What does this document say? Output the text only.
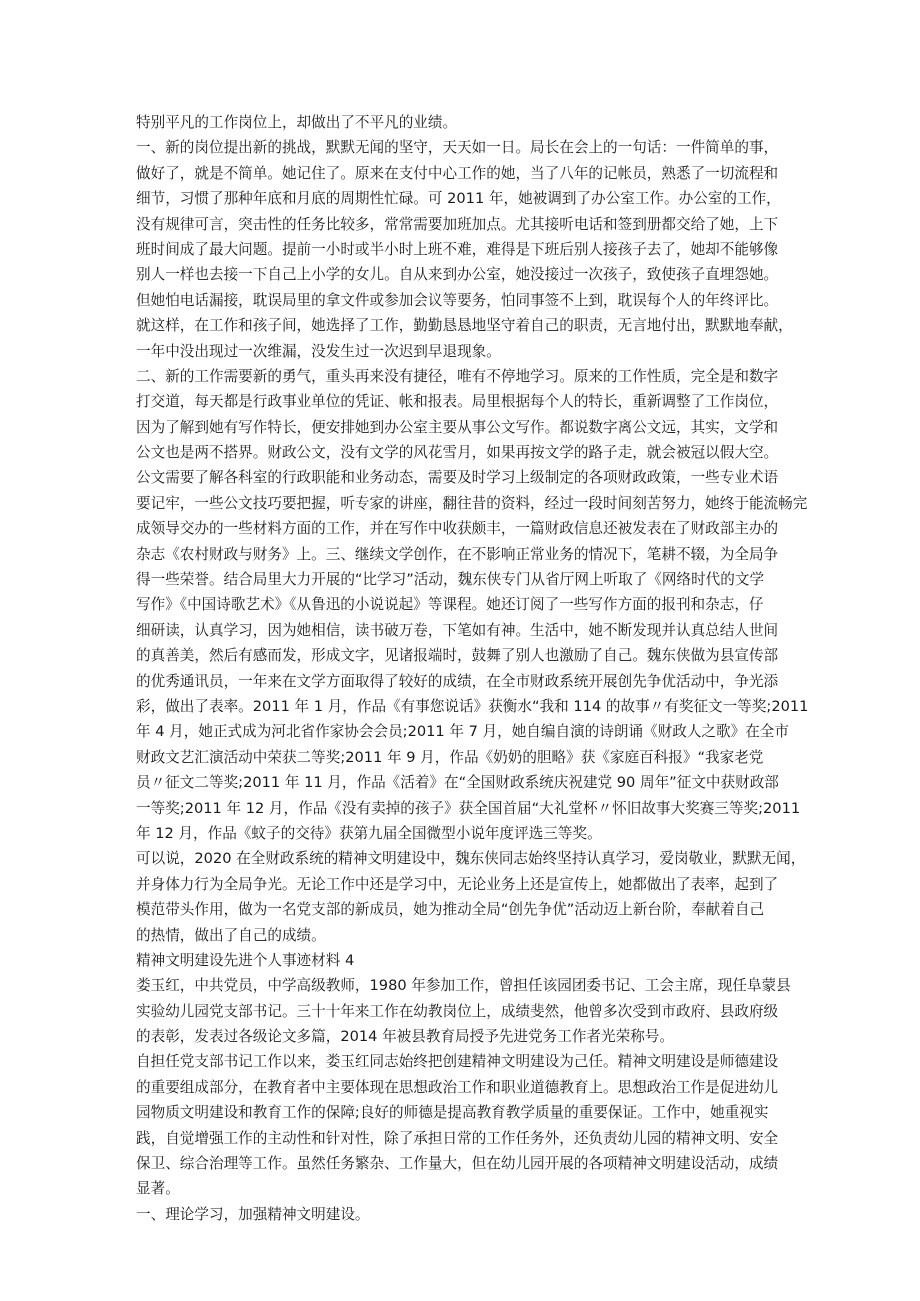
特别平凡的工作岗位上，却做出了不平凡的业绩。
一、新的岗位提出新的挑战，默默无闻的坚守，天天如一日。局长在会上的一句话：一件简单的事，
做好了，就是不简单。她记住了。原来在支付中心工作的她，当了八年的记帐员，熟悉了一切流程和
细节，习惯了那种年底和月底的周期性忙碌。可 2011 年，她被调到了办公室工作。办公室的工作，
没有规律可言，突击性的任务比较多，常常需要加班加点。尤其接听电话和签到册都交给了她，上下
班时间成了最大问题。提前一小时或半小时上班不难，难得是下班后别人接孩子去了，她却不能够像
别人一样也去接一下自己上小学的女儿。自从来到办公室，她没接过一次孩子，致使孩子直埋怨她。
但她怕电话漏接，耽误局里的拿文件或参加会议等要务，怕同事签不上到，耽误每个人的年终评比。
就这样，在工作和孩子间，她选择了工作，勤勤恳恳地坚守着自己的职责，无言地付出，默默地奉献，
一年中没出现过一次维漏，没发生过一次迟到早退现象。
二、新的工作需要新的勇气，重头再来没有捷径，唯有不停地学习。原来的工作性质，完全是和数字
打交道，每天都是行政事业单位的凭证、帐和报表。局里根据每个人的特长，重新调整了工作岗位，
因为了解到她有写作特长，便安排她到办公室主要从事公文写作。都说数字离公文远，其实，文学和
公文也是两不搭界。财政公文，没有文学的风花雪月，如果再按文学的路子走，就会被冠以假大空。
公文需要了解各科室的行政职能和业务动态，需要及时学习上级制定的各项财政政策，一些专业术语
要记牢，一些公文技巧要把握，听专家的讲座，翻往昔的资料，经过一段时间刻苦努力，她终于能流畅完
成领导交办的一些材料方面的工作，并在写作中收获颇丰，一篇财政信息还被发表在了财政部主办的
杂志《农村财政与财务》上。三、继续文学创作，在不影响正常业务的情况下，笔耕不辍，为全局争
得一些荣誉。结合局里大力开展的“比学习”活动，魏东侠专门从省厅网上听取了《网络时代的文学
写作》《中国诗歌艺术》《从鲁迅的小说说起》等课程。她还订阅了一些写作方面的报刊和杂志，仔
细研读，认真学习，因为她相信，读书破万卷，下笔如有神。生活中，她不断发现并认真总结人世间
的真善美，然后有感而发，形成文字，见诸报端时，鼓舞了别人也激励了自己。魏东侠做为县宣传部
的优秀通讯员，一年来在文学方面取得了较好的成绩，在全市财政系统开展创先争优活动中，争光添
彩，做出了表率。2011 年 1 月，作品《有事您说话》获衡水“我和 114 的故事〃有奖征文一等奖;2011
年 4 月，她正式成为河北省作家协会会员;2011 年 7 月，她自编自演的诗朗诵《财政人之歌》在全市
财政文艺汇演活动中荣获二等奖;2011 年 9 月，作品《奶奶的胆略》获《家庭百科报》“我家老党
员〃征文二等奖;2011 年 11 月，作品《活着》在“全国财政系统庆祝建党 90 周年”征文中获财政部
一等奖;2011 年 12 月，作品《没有卖掉的孩子》获全国首届“大礼堂杯〃怀旧故事大奖赛三等奖;2011
年 12 月，作品《蚊子的交待》获第九届全国微型小说年度评选三等奖。
可以说，2020 在全财政系统的精神文明建设中，魏东侠同志始终坚持认真学习，爱岗敬业，默默无闻，
并身体力行为全局争光。无论工作中还是学习中，无论业务上还是宣传上，她都做出了表率，起到了
模范带头作用，做为一名党支部的新成员，她为推动全局“创先争优”活动迈上新台阶，奉献着自己
的热情，做出了自己的成绩。
精神文明建设先进个人事迹材料 4
娄玉红，中共党员，中学高级教师，1980 年参加工作，曾担任该园团委书记、工会主席，现任阜蒙县
实验幼儿园党支部书记。三十十年来工作在幼教岗位上，成绩斐然，他曾多次受到市政府、县政府级
的表彰，发表过各级论文多篇，2014 年被县教育局授予先进党务工作者光荣称号。
自担任党支部书记工作以来，娄玉红同志始终把创建精神文明建设为己任。精神文明建设是师德建设
的重要组成部分，在教育者中主要体现在思想政治工作和职业道德教育上。思想政治工作是促进幼儿
园物质文明建设和教育工作的保障;良好的师德是提高教育教学质量的重要保证。工作中，她重视实
践，自觉增强工作的主动性和针对性，除了承担日常的工作任务外，还负责幼儿园的精神文明、安全
保卫、综合治理等工作。虽然任务繁杂、工作量大，但在幼儿园开展的各项精神文明建设活动，成绩
显著。
一、理论学习，加强精神文明建设。
